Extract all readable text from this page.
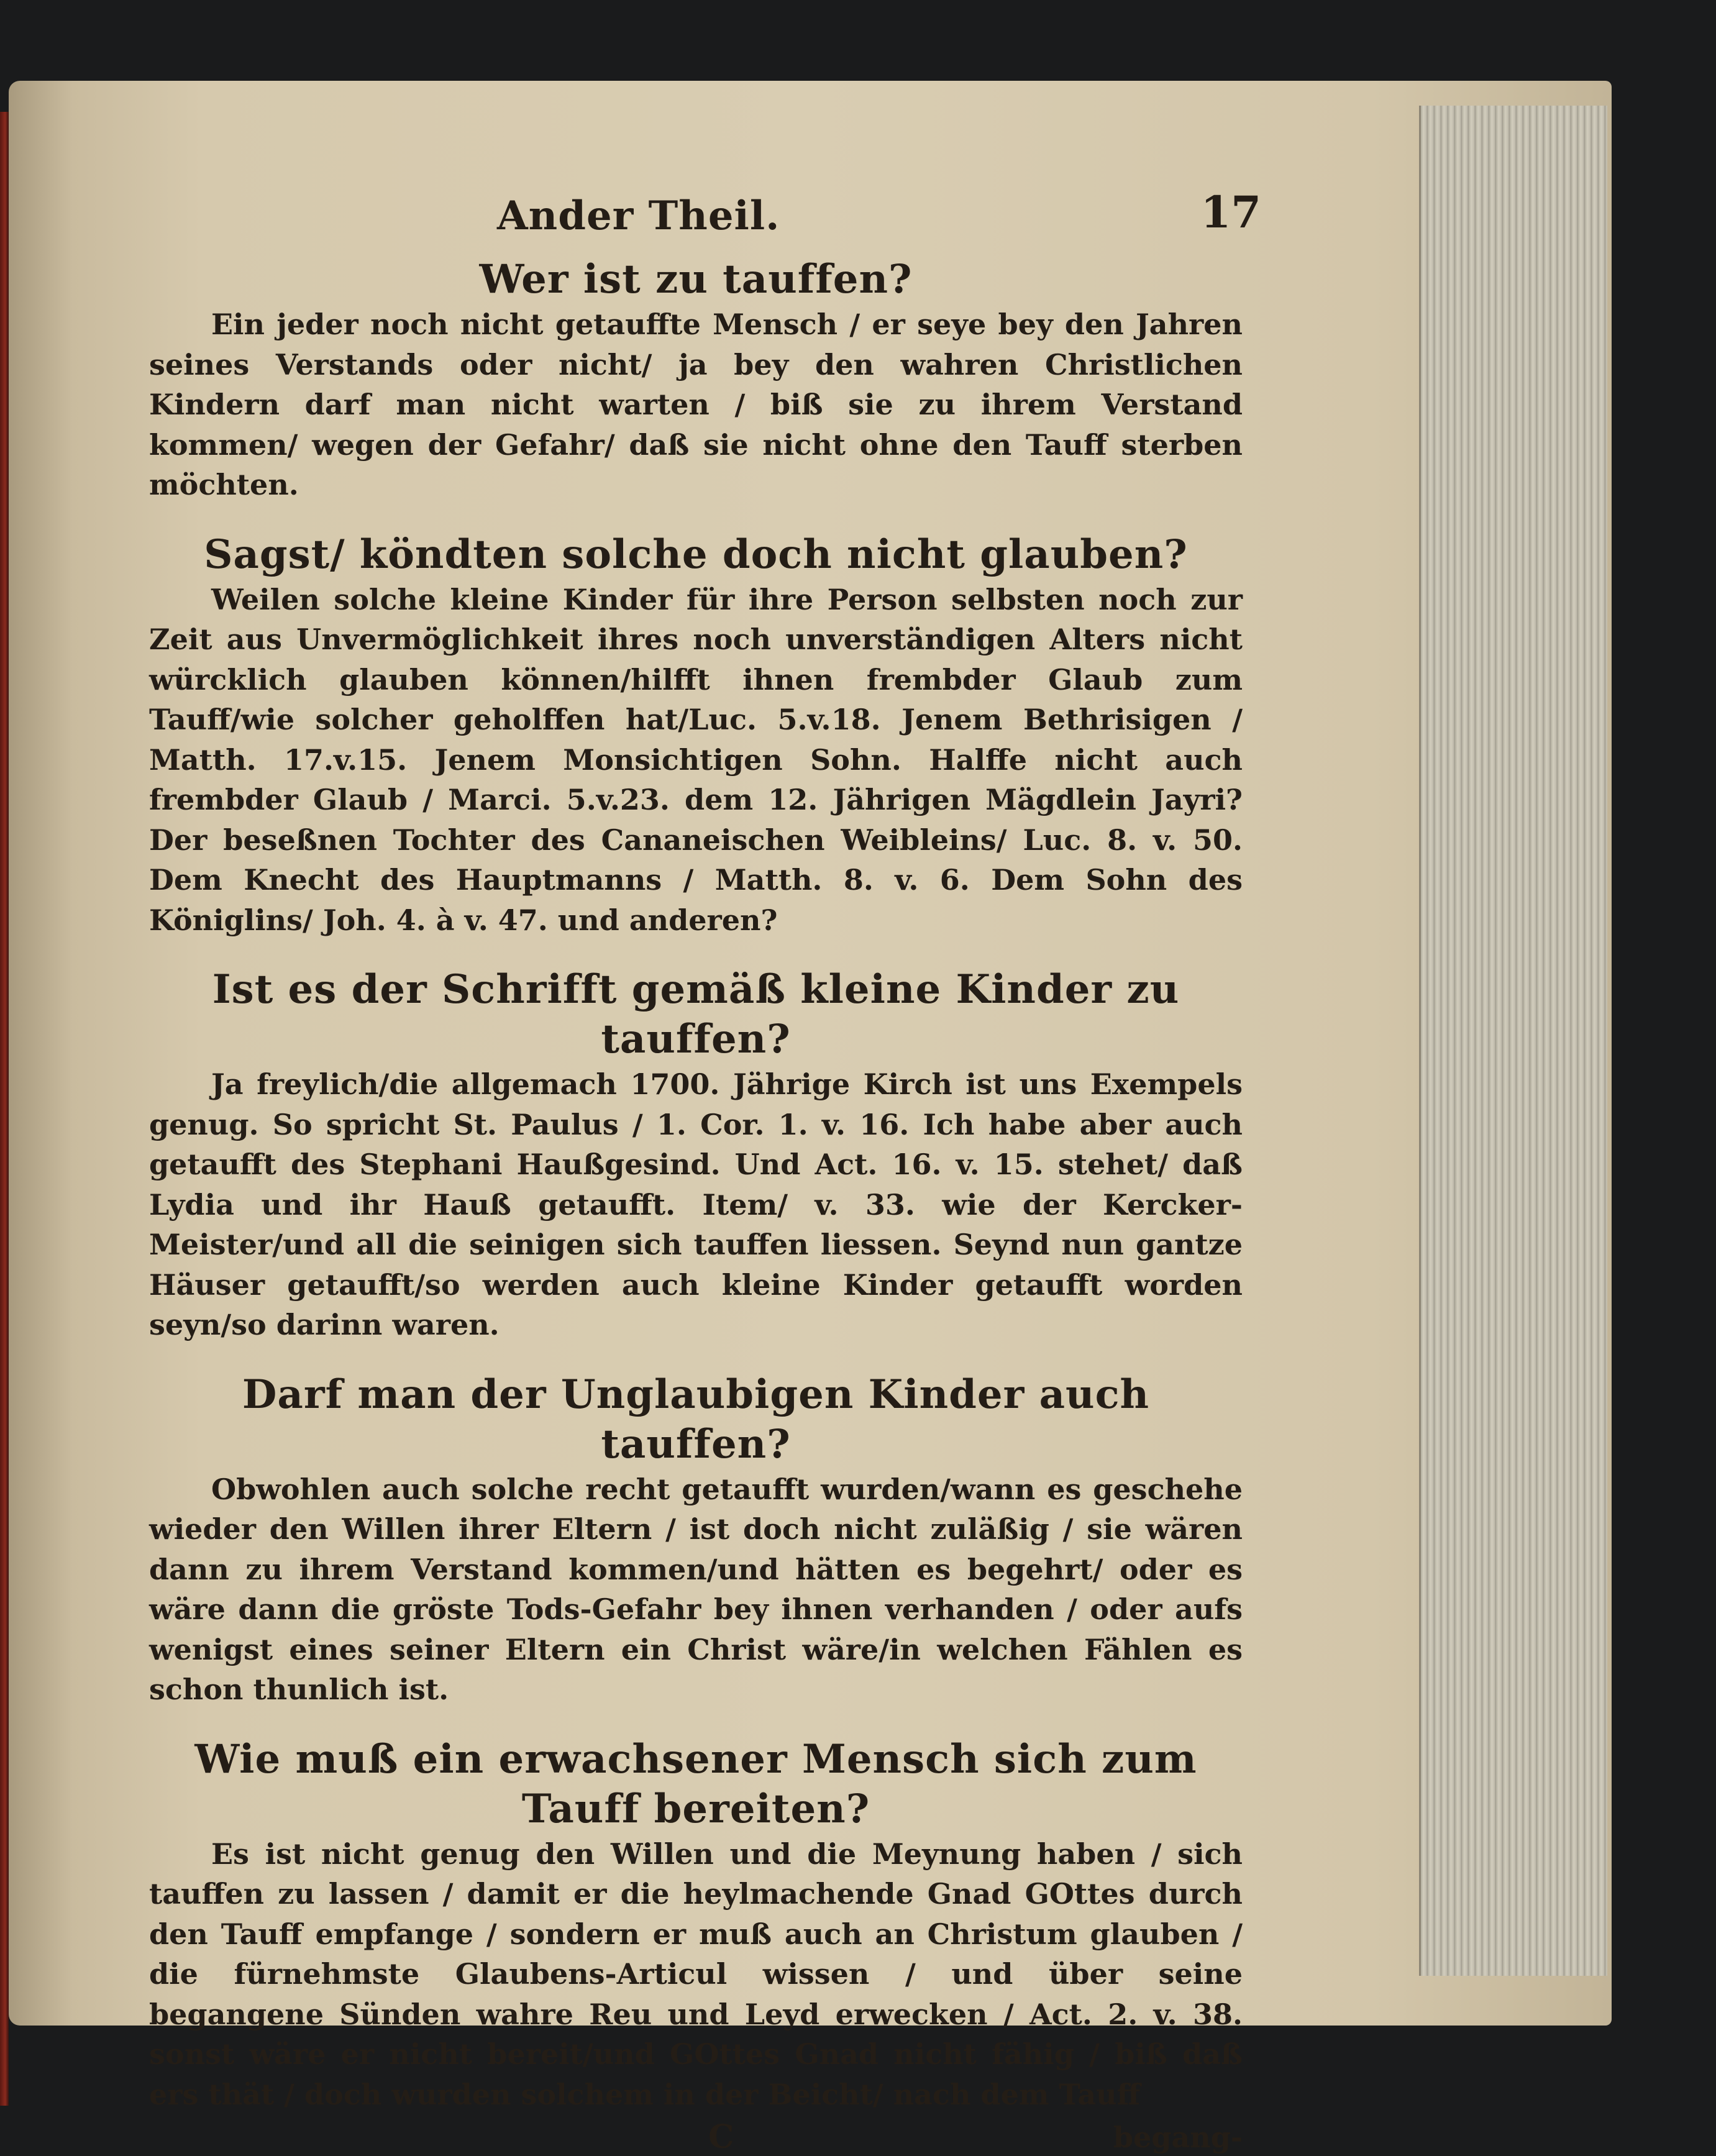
Ander Theil.	17
Wer ist zu tauffen?

Ein jeder noch nicht getauffte Mensch / er seye bey den Jahren seines Verstands oder nicht/ ja bey den wahren Christlichen Kindern darf man nicht warten / biß sie zu ihrem Verstand kommen/ wegen der Gefahr/ daß sie nicht ohne den Tauff sterben möchten.

Sagst/ köndten solche doch nicht glauben?

Weilen solche kleine Kinder für ihre Person selbsten noch zur Zeit aus Unvermöglichkeit ihres noch unverständigen Alters nicht würcklich glauben können/hilfft ihnen frembder Glaub zum Tauff/wie solcher geholffen hat/Luc. 5.v.18. Jenem Bethrisigen / Matth. 17.v.15. Jenem Monsichtigen Sohn. Halffe nicht auch frembder Glaub / Marci. 5.v.23. dem 12. Jährigen Mägdlein Jayri? Der beseßnen Tochter des Cananeischen Weibleins/ Luc. 8. v. 50. Dem Knecht des Hauptmanns / Matth. 8. v. 6. Dem Sohn des Königlins/ Joh. 4. à v. 47. und anderen?

Ist es der Schrifft gemäß kleine Kinder zu tauffen?

Ja freylich/die allgemach 1700. Jährige Kirch ist uns Exempels genug. So spricht St. Paulus / 1. Cor. 1. v. 16. Ich habe aber auch getaufft des Stephani Haußgesind. Und Act. 16. v. 15. stehet/ daß Lydia und ihr Hauß getaufft. Item/ v. 33. wie der Kercker-Meister/und all die seinigen sich tauffen liessen. Seynd nun gantze Häuser getaufft/so werden auch kleine Kinder getaufft worden seyn/so darinn waren.

Darf man der Unglaubigen Kinder auch tauffen?

Obwohlen auch solche recht getaufft wurden/wann es geschehe wieder den Willen ihrer Eltern / ist doch nicht zuläßig / sie wären dann zu ihrem Verstand kommen/und hätten es begehrt/ oder es wäre dann die gröste Tods-Gefahr bey ihnen verhanden / oder aufs wenigst eines seiner Eltern ein Christ wäre/in welchen Fählen es schon thunlich ist.

Wie muß ein erwachsener Mensch sich zum Tauff bereiten?

Es ist nicht genug den Willen und die Meynung haben / sich tauffen zu lassen / damit er die heylmachende Gnad GOttes durch den Tauff empfange / sondern er muß auch an Christum glauben / die fürnehmste Glaubens-Articul wissen / und über seine begangene Sünden wahre Reu und Leyd erwecken / Act. 2. v. 38. sonst wäre er nicht bereit/und GOttes Gnad nicht fähig / biß daß ers thät / doch wurden solchem in der Beicht/ nach dem Tauff

C	begang-
